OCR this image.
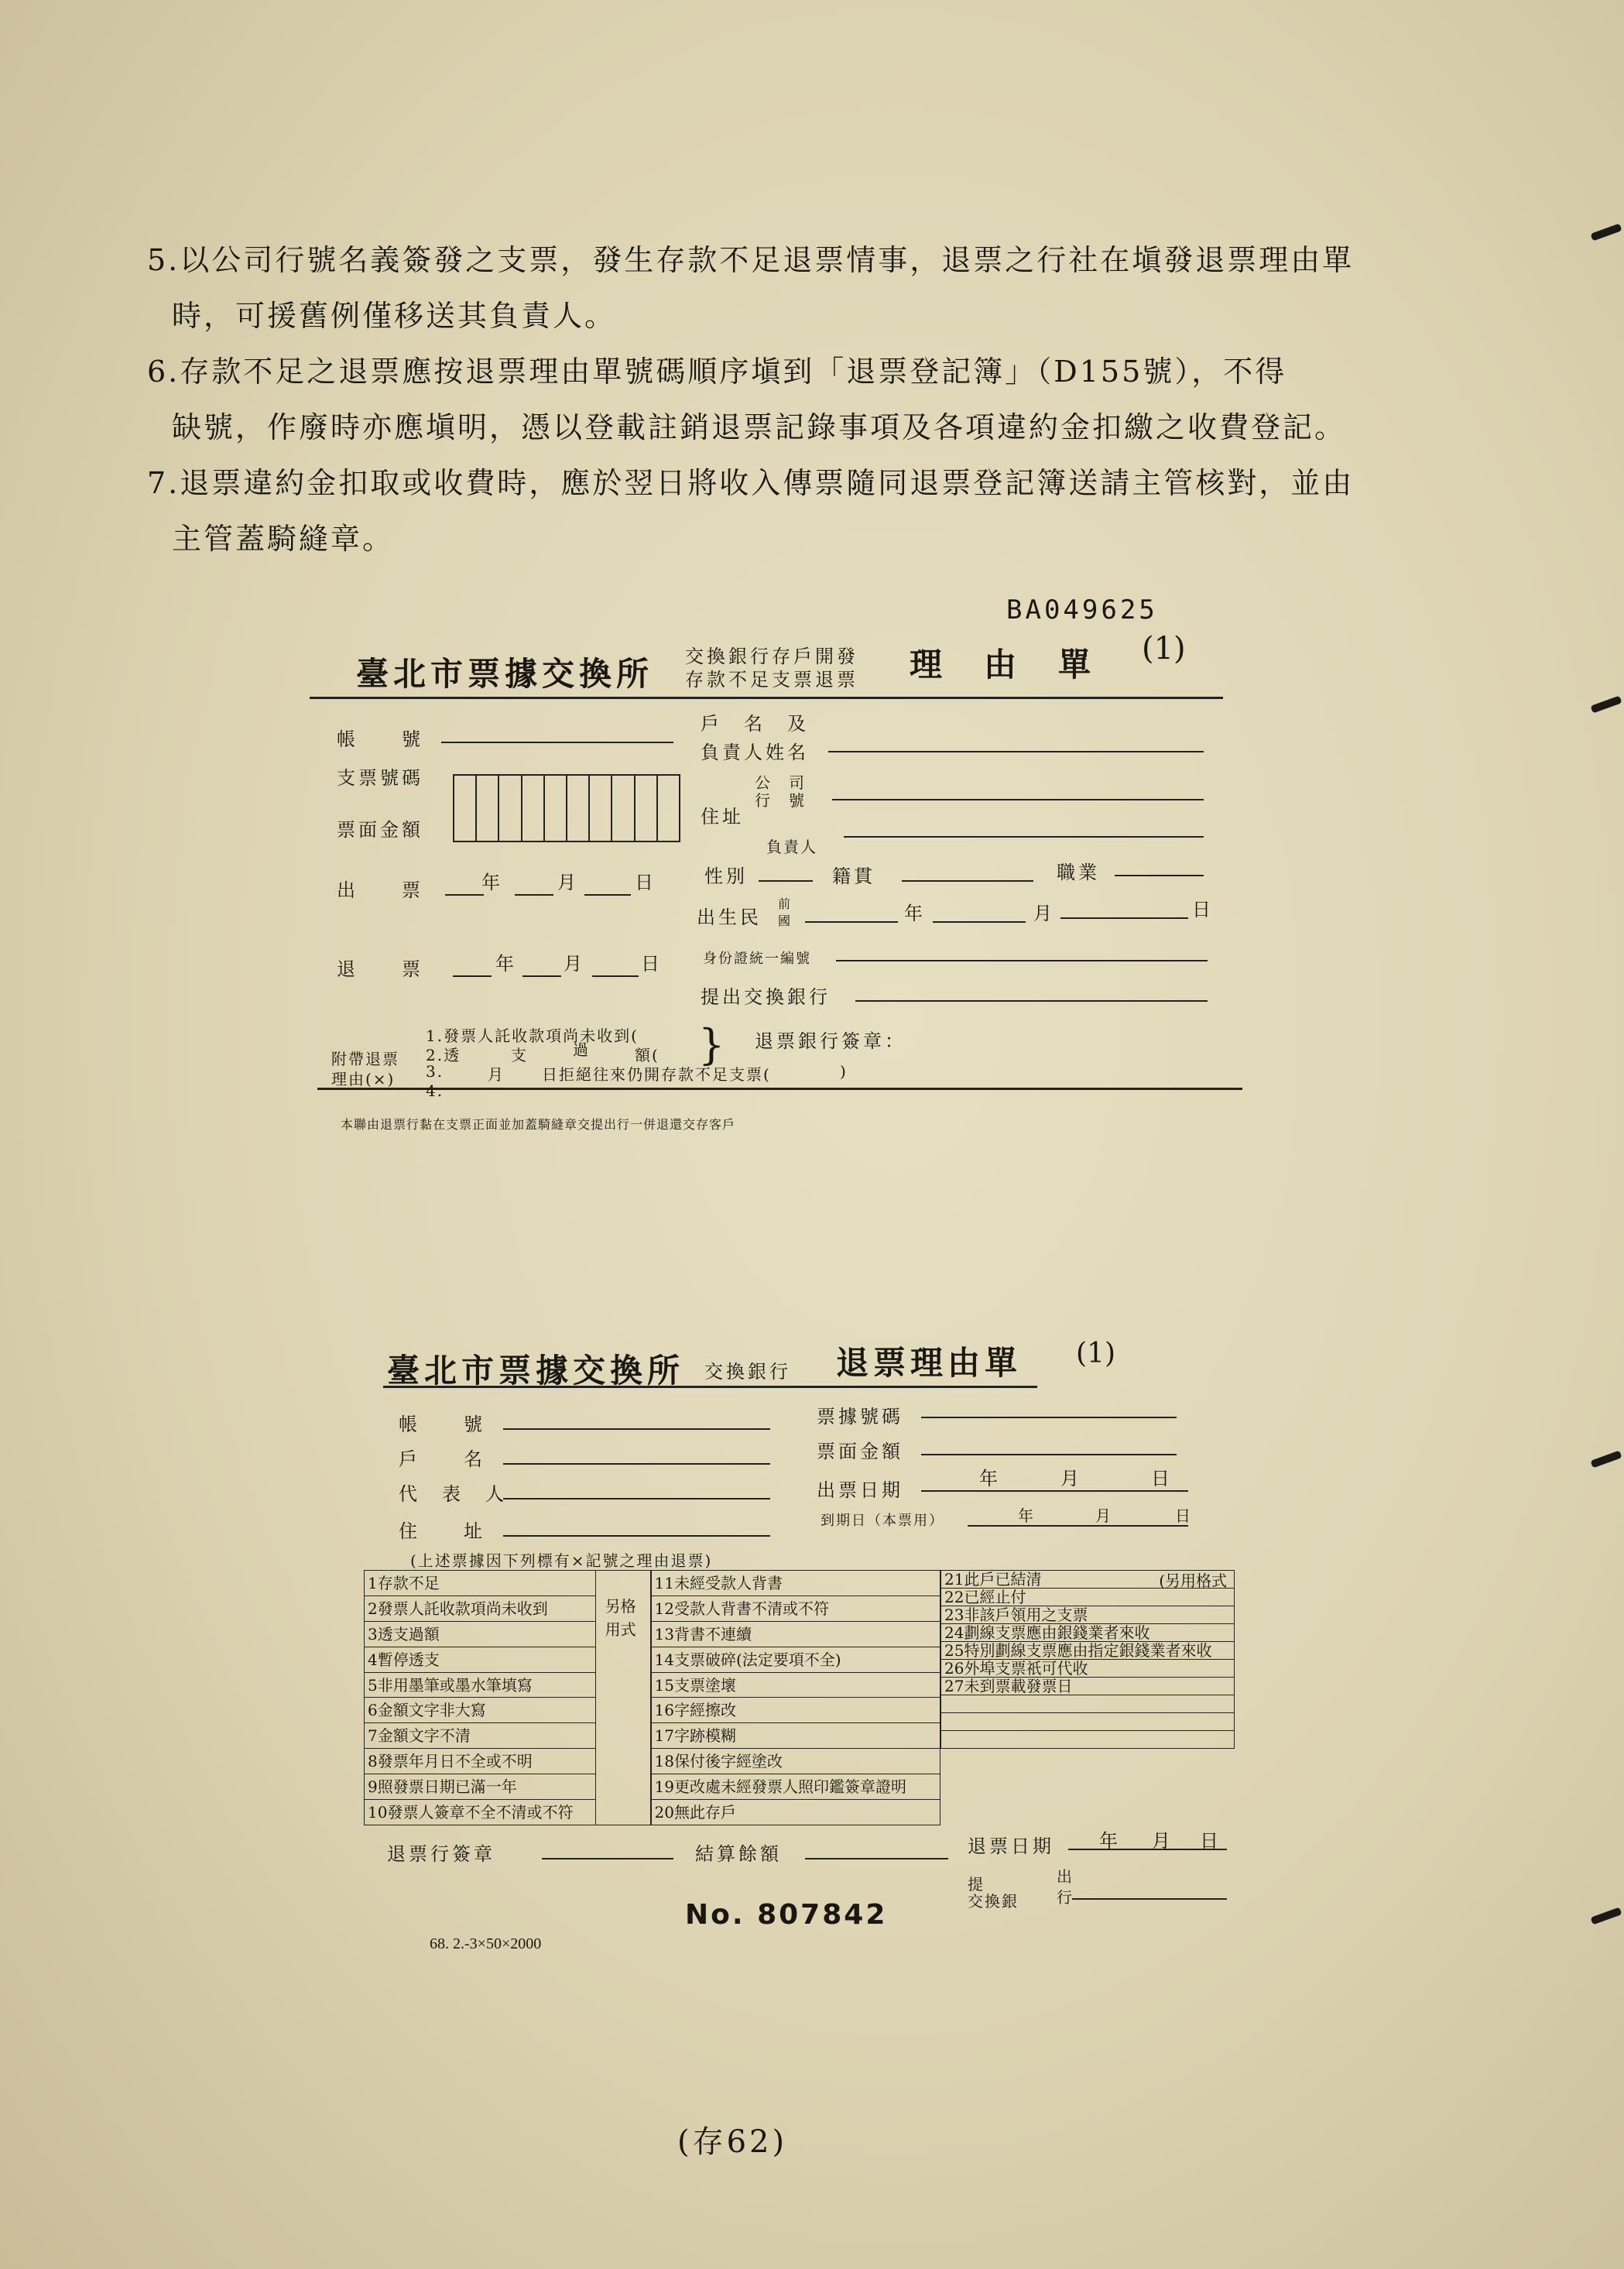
5.以公司行號名義簽發之支票，發生存款不足退票情事，退票之行社在塡發退票理由單
時，可援舊例僅移送其負責人。
6.存款不足之退票應按退票理由單號碼順序塡到「退票登記簿」（D155號），不得
缺號，作廢時亦應塡明，憑以登載註銷退票記錄事項及各項違約金扣繳之收費登記。
7.退票違約金扣取或收費時，應於翌日將收入傳票隨同退票登記簿送請主管核對，並由
主管蓋騎縫章。
BA049625
臺北市票據交換所 交換銀行存戶開發
存款不足支票退票 理　由　單 (1)
帳　　號
支票號碼
票面金額
出　　票	年	月	日
退　　票	年	月	日
戶　名　及
負責人姓名
公　司
行　號
住址
負責人
性別	籍貫	職業
出生民
前
國	年	月	日
身份證統一編號
提出交換銀行
附帶退票
理由(×)
1.發票人託收款項尚未收到(
2.透	支	過	額(
3.	月 日拒絕往來仍開存款不足支票(	)
4.
} 退票銀行簽章：
本聯由退票行黏在支票正面並加蓋騎縫章交提出行一併退還交存客戶
臺北市票據交換所 交換銀行 退票理由單 (1)
帳　　號
戶　　名
代　表　人
住　　址
票據號碼
票面金額
出票日期
年	月	日
到期日（本票用）	年	月	日
(上述票據因下列標有×記號之理由退票)
1存款不足
2發票人託收款項尚未收到
3透支過額
4暫停透支
5非用墨筆或墨水筆填寫
6金額文字非大寫
7金額文字不清
8發票年月日不全或不明
9照發票日期已滿一年
10發票人簽章不全不清或不符
另格
用式
11未經受款人背書
12受款人背書不清或不符
13背書不連續
14支票破碎(法定要項不全)
15支票塗壞
16字經擦改
17字跡模糊
18保付後字經塗改
19更改處未經發票人照印鑑簽章證明
20無此存戶
(另用格式
21此戶已結清
22已經止付
23非該戶領用之支票
24劃線支票應由銀錢業者來收
25特別劃線支票應由指定銀錢業者來收
26外埠支票祇可代收
27未到票載發票日

退票行簽章	結算餘額	退票日期 年 月 日
提
交換銀
出
行
No. 807842
68. 2.-3×50×2000
(存62)
